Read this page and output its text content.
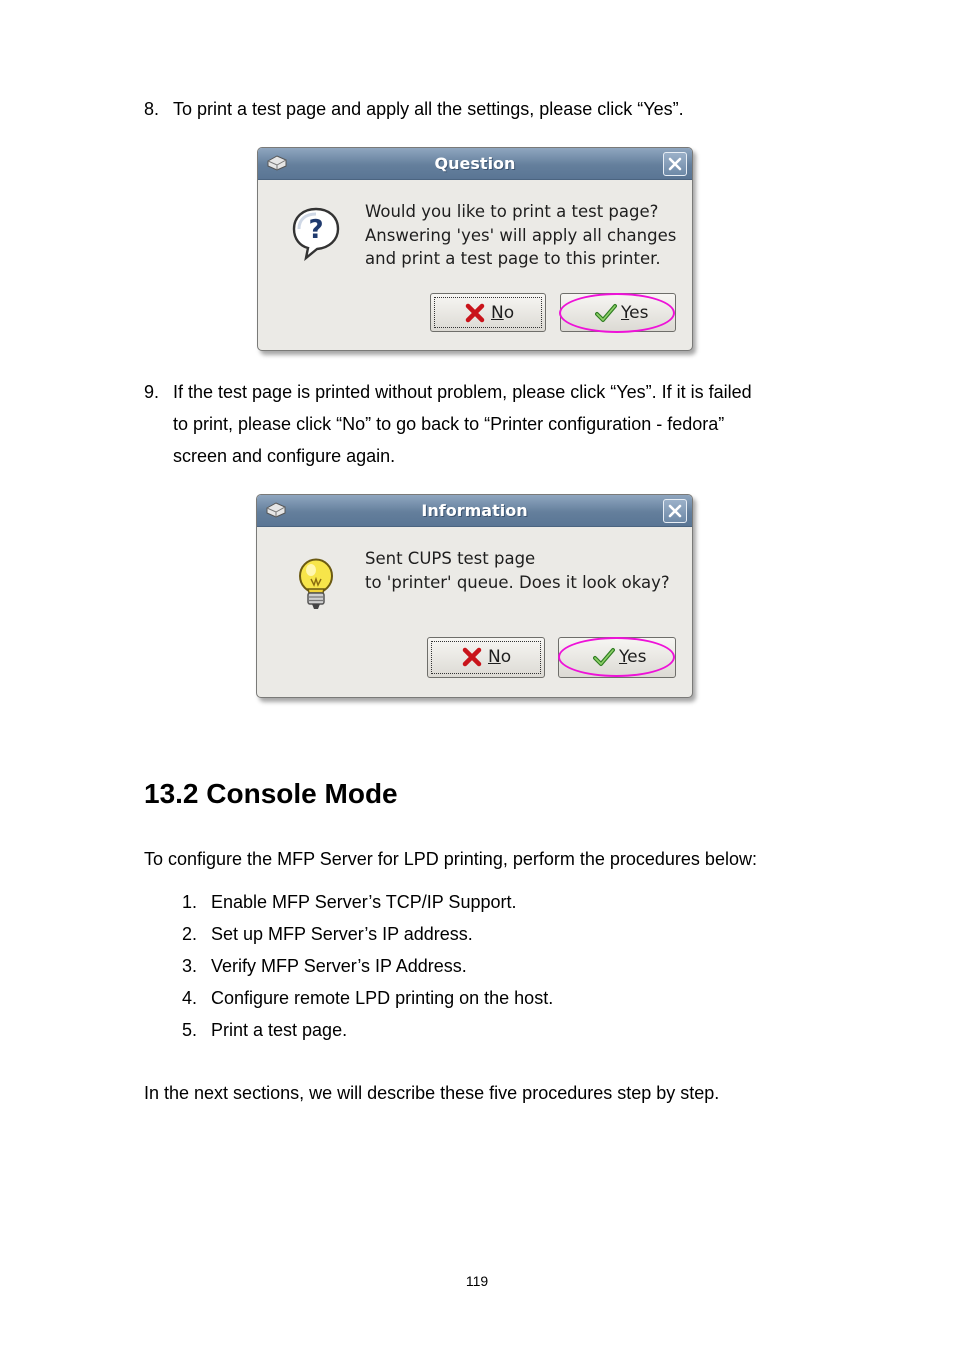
8. To print a test page and apply all the settings, please click “Yes”.
Question
?
Would you like to print a test page?
Answering 'yes' will apply all changes
and print a test page to this printer.
No	Yes
9. If the test page is printed without problem, please click “Yes”. If it is failed
to print, please click “No” to go back to “Printer configuration - fedora”
screen and configure again.
Information
Sent CUPS test page
to 'printer' queue. Does it look okay?
No	Yes
13.2 Console Mode
To configure the MFP Server for LPD printing, perform the procedures below:
1. Enable MFP Server’s TCP/IP Support.
2. Set up MFP Server’s IP address.
3. Verify MFP Server’s IP Address.
4. Configure remote LPD printing on the host.
5. Print a test page.
In the next sections, we will describe these five procedures step by step.
119
